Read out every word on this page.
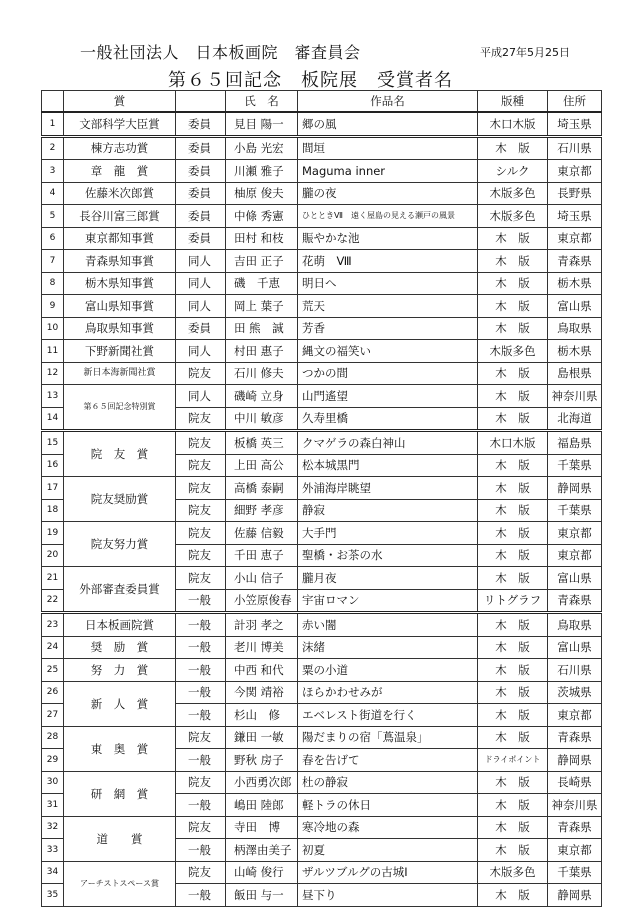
一般社団法人　日本板画院　審査員会	平成27年5月25日
第６５回記念　板院展　受賞者名
	賞		氏　名	作品名	版種	住所
1	文部科学大臣賞	委員	見目 陽一	郷の風	木口木版	埼玉県
2	棟方志功賞	委員	小島 光宏	間垣	木　版	石川県
3	章　龍　賞	委員	川瀬 雅子	Maguma inner	シルク	東京都
4	佐藤米次郎賞	委員	柚原 俊夫	朧の夜	木版多色	長野県
5	長谷川富三郎賞	委員	中條 秀憲	ひとときⅦ　遠く屋島の見える瀬戸の風景	木版多色	埼玉県
6	東京都知事賞	委員	田村 和枝	賑やかな池	木　版	東京都
7	青森県知事賞	同人	吉田 正子	花萌　Ⅷ	木　版	青森県
8	栃木県知事賞	同人	磯　千恵	明日へ	木　版	栃木県
9	富山県知事賞	同人	岡上 葉子	荒天	木　版	富山県
10	鳥取県知事賞	委員	田 熊　誠	芳香	木　版	鳥取県
11	下野新聞社賞	同人	村田 惠子	縄文の福笑い	木版多色	栃木県
12	新日本海新聞社賞	院友	石川 修夫	つかの間	木　版	島根県
13	第６５回記念特別賞	同人	磯崎 立身	山門遙望	木　版	神奈川県
14		院友	中川 敏彦	久寿里橋	木　版	北海道
15	院　友　賞	院友	板橋 英三	クマゲラの森白神山	木口木版	福島県
16		院友	上田 高公	松本城黒門	木　版	千葉県
17	院友奨励賞	院友	高橋 泰嗣	外浦海岸眺望	木　版	静岡県
18		院友	細野 孝彦	静寂	木　版	千葉県
19	院友努力賞	院友	佐藤 信毅	大手門	木　版	東京都
20		院友	千田 恵子	聖橋・お茶の水	木　版	東京都
21	外部審査委員賞	院友	小山 信子	朧月夜	木　版	富山県
22		一般	小笠原俊春	宇宙ロマン	リトグラフ	青森県
23	日本板画院賞	一般	計羽 孝之	赤い闇	木　版	鳥取県
24	奨　励　賞	一般	老川 博美	沫緒	木　版	富山県
25	努　力　賞	一般	中西 和代	粟の小道	木　版	石川県
26	新　人　賞	一般	今関 靖裕	ほらかわせみが	木　版	茨城県
27		一般	杉山　修	エベレスト街道を行く	木　版	東京都
28	東　奥　賞	院友	鎌田 一敏	陽だまりの宿「蔦温泉」	木　版	青森県
29		一般	野秋 房子	春を告げて	ドライポイント	静岡県
30	研　網　賞	院友	小西勇次郎	杜の静寂	木　版	長崎県
31		一般	嶋田 陸郎	軽トラの休日	木　版	神奈川県
32	道　　賞	院友	寺田　博	寒冷地の森	木　版	青森県
33		一般	柄澤由美子	初夏	木　版	東京都
34	アーチストスペース賞	院友	山崎 俊行	ザルツブルグの古城Ⅰ	木版多色	千葉県
35		一般	飯田 与一	昼下り	木　版	静岡県
